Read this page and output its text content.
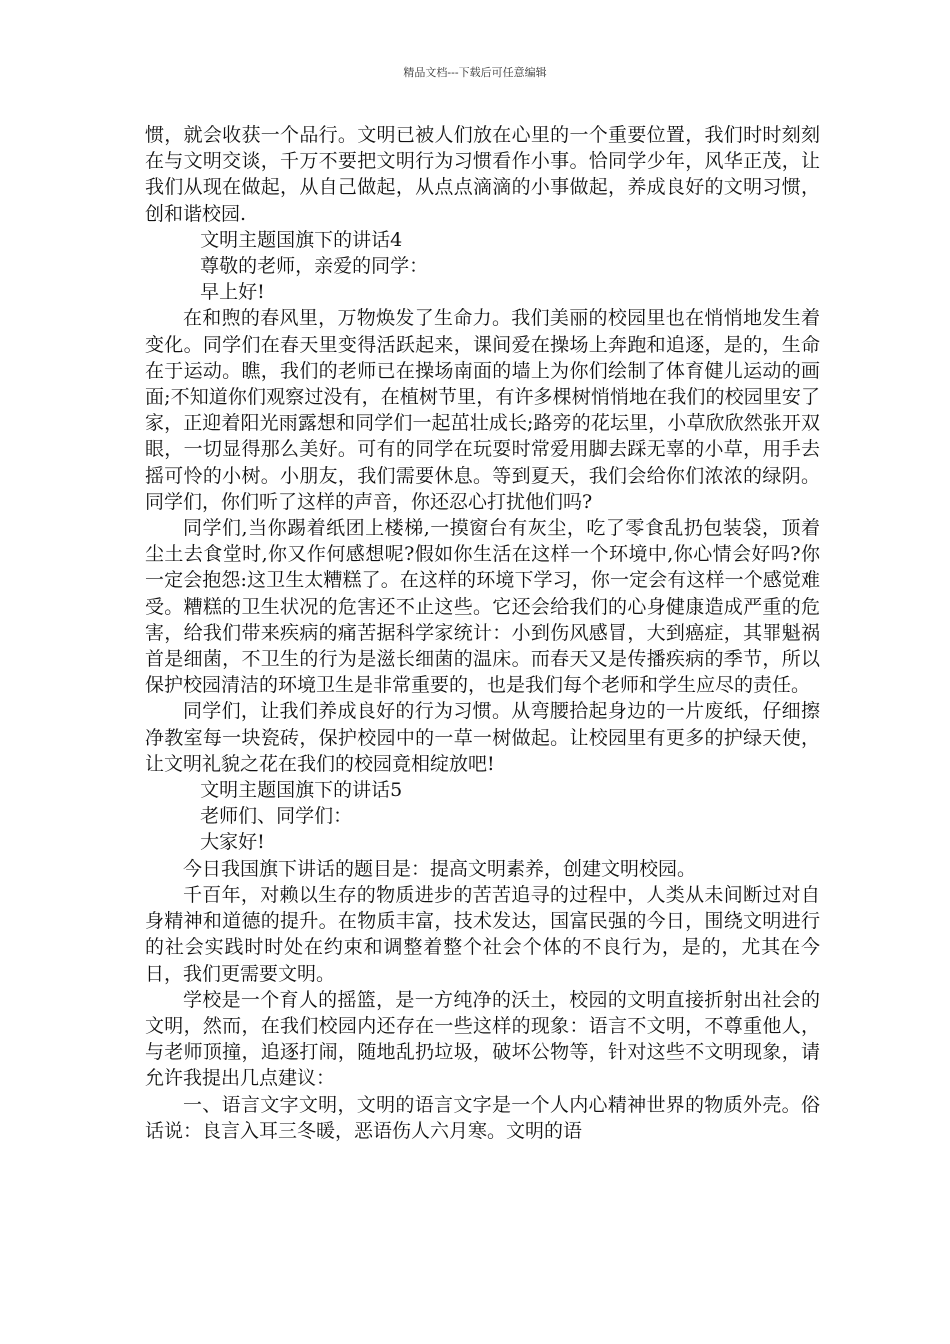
精品文档---下载后可任意编辑

惯，就会收获一个品行。文明已被人们放在心里的一个重要位置，我们时时刻刻在与文明交谈，千万不要把文明行为习惯看作小事。恰同学少年，风华正茂，让我们从现在做起，从自己做起，从点点滴滴的小事做起，养成良好的文明习惯，创和谐校园.

文明主题国旗下的讲话4

尊敬的老师，亲爱的同学：

早上好!

在和煦的春风里，万物焕发了生命力。我们美丽的校园里也在悄悄地发生着变化。同学们在春天里变得活跃起来，课间爱在操场上奔跑和追逐，是的，生命在于运动。瞧，我们的老师已在操场南面的墙上为你们绘制了体育健儿运动的画面;不知道你们观察过没有，在植树节里，有许多棵树悄悄地在我们的校园里安了家，正迎着阳光雨露想和同学们一起茁壮成长;路旁的花坛里，小草欣欣然张开双眼，一切显得那么美好。可有的同学在玩耍时常爱用脚去踩无辜的小草，用手去摇可怜的小树。小朋友，我们需要休息。等到夏天，我们会给你们浓浓的绿阴。同学们，你们听了这样的声音，你还忍心打扰他们吗?

同学们,当你踢着纸团上楼梯,一摸窗台有灰尘，吃了零食乱扔包装袋，顶着尘土去食堂时,你又作何感想呢?假如你生活在这样一个环境中,你心情会好吗?你一定会抱怨:这卫生太糟糕了。在这样的环境下学习，你一定会有这样一个感觉难受。糟糕的卫生状况的危害还不止这些。它还会给我们的心身健康造成严重的危害，给我们带来疾病的痛苦据科学家统计：小到伤风感冒，大到癌症，其罪魁祸首是细菌，不卫生的行为是滋长细菌的温床。而春天又是传播疾病的季节，所以保护校园清洁的环境卫生是非常重要的，也是我们每个老师和学生应尽的责任。

同学们，让我们养成良好的行为习惯。从弯腰拾起身边的一片废纸，仔细擦净教室每一块瓷砖，保护校园中的一草一树做起。让校园里有更多的护绿天使，让文明礼貌之花在我们的校园竟相绽放吧!

文明主题国旗下的讲话5

老师们、同学们：

大家好!

今日我国旗下讲话的题目是：提高文明素养，创建文明校园。

千百年，对赖以生存的物质进步的苦苦追寻的过程中，人类从未间断过对自身精神和道德的提升。在物质丰富，技术发达，国富民强的今日，围绕文明进行的社会实践时时处在约束和调整着整个社会个体的不良行为，是的，尤其在今日，我们更需要文明。

学校是一个育人的摇篮，是一方纯净的沃土，校园的文明直接折射出社会的文明，然而，在我们校园内还存在一些这样的现象：语言不文明，不尊重他人，与老师顶撞，追逐打闹，随地乱扔垃圾，破坏公物等，针对这些不文明现象，请允许我提出几点建议：

一、语言文字文明，文明的语言文字是一个人内心精神世界的物质外壳。俗话说：良言入耳三冬暖，恶语伤人六月寒。文明的语
